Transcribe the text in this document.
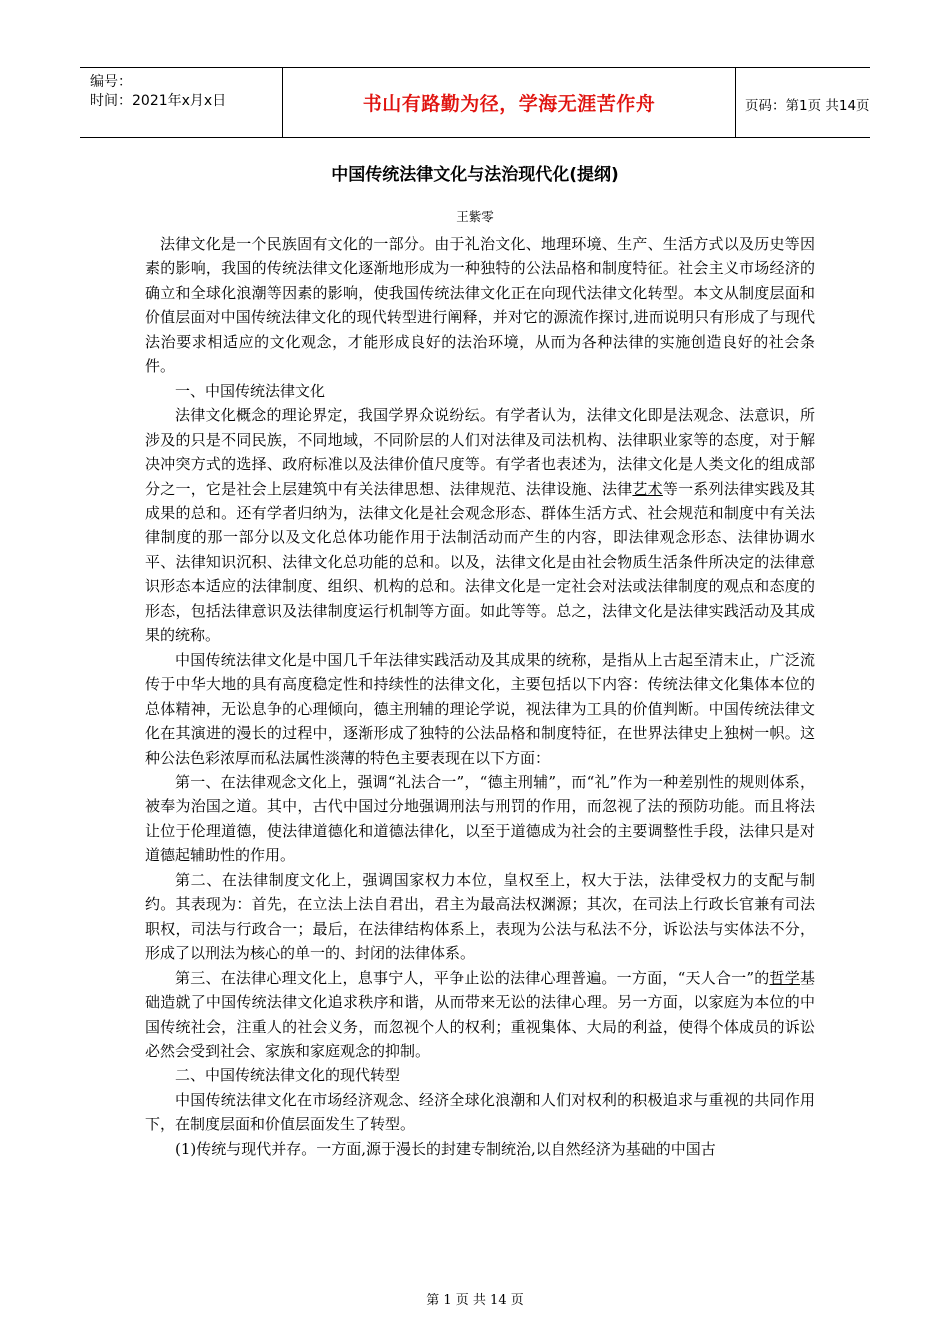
编号：
时间：2021年x月x日	书山有路勤为径，学海无涯苦作舟	页码：第1页 共14页
中国传统法律文化与法治现代化(提纲)
王紫零

法律文化是一个民族固有文化的一部分。由于礼治文化、地理环境、生产、生活方式以及历史等因素的影响，我国的传统法律文化逐渐地形成为一种独特的公法品格和制度特征。社会主义市场经济的确立和全球化浪潮等因素的影响，使我国传统法律文化正在向现代法律文化转型。本文从制度层面和价值层面对中国传统法律文化的现代转型进行阐释，并对它的源流作探讨,进而说明只有形成了与现代法治要求相适应的文化观念，才能形成良好的法治环境，从而为各种法律的实施创造良好的社会条件。

一、中国传统法律文化

法律文化概念的理论界定，我国学界众说纷纭。有学者认为，法律文化即是法观念、法意识，所涉及的只是不同民族，不同地域，不同阶层的人们对法律及司法机构、法律职业家等的态度，对于解决冲突方式的选择、政府标准以及法律价值尺度等。有学者也表述为，法律文化是人类文化的组成部分之一，它是社会上层建筑中有关法律思想、法律规范、法律设施、法律艺术等一系列法律实践及其成果的总和。还有学者归纳为，法律文化是社会观念形态、群体生活方式、社会规范和制度中有关法律制度的那一部分以及文化总体功能作用于法制活动而产生的内容，即法律观念形态、法律协调水平、法律知识沉积、法律文化总功能的总和。以及，法律文化是由社会物质生活条件所决定的法律意识形态本适应的法律制度、组织、机构的总和。法律文化是一定社会对法或法律制度的观点和态度的形态，包括法律意识及法律制度运行机制等方面。如此等等。总之，法律文化是法律实践活动及其成果的统称。

中国传统法律文化是中国几千年法律实践活动及其成果的统称，是指从上古起至清末止，广泛流传于中华大地的具有高度稳定性和持续性的法律文化，主要包括以下内容：传统法律文化集体本位的总体精神，无讼息争的心理倾向，德主刑辅的理论学说，视法律为工具的价值判断。中国传统法律文化在其演进的漫长的过程中，逐渐形成了独特的公法品格和制度特征，在世界法律史上独树一帜。这种公法色彩浓厚而私法属性淡薄的特色主要表现在以下方面：

第一、在法律观念文化上，强调“礼法合一”，“德主刑辅”，而“礼”作为一种差别性的规则体系，被奉为治国之道。其中，古代中国过分地强调刑法与刑罚的作用，而忽视了法的预防功能。而且将法让位于伦理道德，使法律道德化和道德法律化，以至于道德成为社会的主要调整性手段，法律只是对道德起辅助性的作用。

第二、在法律制度文化上，强调国家权力本位，皇权至上，权大于法，法律受权力的支配与制约。其表现为：首先，在立法上法自君出，君主为最高法权渊源；其次，在司法上行政长官兼有司法职权，司法与行政合一；最后，在法律结构体系上，表现为公法与私法不分，诉讼法与实体法不分，形成了以刑法为核心的单一的、封闭的法律体系。

第三、在法律心理文化上，息事宁人，平争止讼的法律心理普遍。一方面，“天人合一”的哲学基础造就了中国传统法律文化追求秩序和谐，从而带来无讼的法律心理。另一方面，以家庭为本位的中国传统社会，注重人的社会义务，而忽视个人的权利；重视集体、大局的利益，使得个体成员的诉讼必然会受到社会、家族和家庭观念的抑制。

二、中国传统法律文化的现代转型

中国传统法律文化在市场经济观念、经济全球化浪潮和人们对权利的积极追求与重视的共同作用下，在制度层面和价值层面发生了转型。

(1)传统与现代并存。一方面,源于漫长的封建专制统治,以自然经济为基础的中国古

第 1 页 共 14 页
